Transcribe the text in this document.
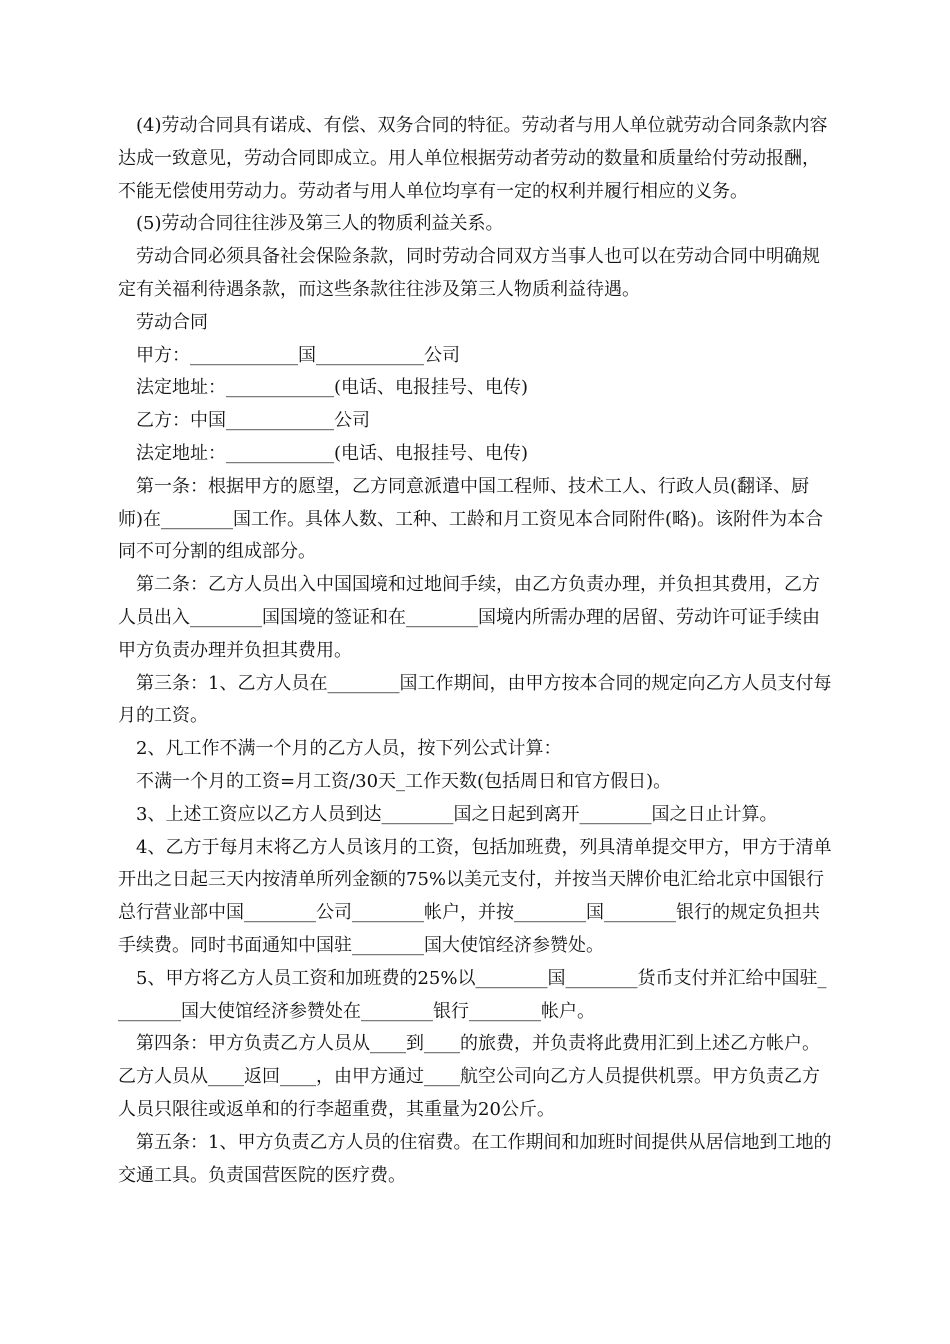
(4)劳动合同具有诺成、有偿、双务合同的特征。劳动者与用人单位就劳动合同条款内容达成一致意见，劳动合同即成立。用人单位根据劳动者劳动的数量和质量给付劳动报酬，不能无偿使用劳动力。劳动者与用人单位均享有一定的权利并履行相应的义务。

(5)劳动合同往往涉及第三人的物质利益关系。

劳动合同必须具备社会保险条款，同时劳动合同双方当事人也可以在劳动合同中明确规定有关福利待遇条款，而这些条款往往涉及第三人物质利益待遇。

劳动合同

甲方：____________国____________公司

法定地址：____________(电话、电报挂号、电传)

乙方：中国____________公司

法定地址：____________(电话、电报挂号、电传)

第一条：根据甲方的愿望，乙方同意派遣中国工程师、技术工人、行政人员(翻译、厨师)在________国工作。具体人数、工种、工龄和月工资见本合同附件(略)。该附件为本合同不可分割的组成部分。

第二条：乙方人员出入中国国境和过地间手续，由乙方负责办理，并负担其费用，乙方人员出入________国国境的签证和在________国境内所需办理的居留、劳动许可证手续由甲方负责办理并负担其费用。

第三条：1、乙方人员在________国工作期间，由甲方按本合同的规定向乙方人员支付每月的工资。

2、凡工作不满一个月的乙方人员，按下列公式计算：

不满一个月的工资=月工资/30天_工作天数(包括周日和官方假日)。

3、上述工资应以乙方人员到达________国之日起到离开________国之日止计算。

4、乙方于每月末将乙方人员该月的工资，包括加班费，列具清单提交甲方，甲方于清单开出之日起三天内按清单所列金额的75%以美元支付，并按当天牌价电汇给北京中国银行总行营业部中国________公司________帐户，并按________国________银行的规定负担共手续费。同时书面通知中国驻________国大使馆经济参赞处。

5、甲方将乙方人员工资和加班费的25%以________国________货币支付并汇给中国驻________国大使馆经济参赞处在________银行________帐户。

第四条：甲方负责乙方人员从____到____的旅费，并负责将此费用汇到上述乙方帐户。乙方人员从____返回____，由甲方通过____航空公司向乙方人员提供机票。甲方负责乙方人员只限往或返单和的行李超重费，其重量为20公斤。

第五条：1、甲方负责乙方人员的住宿费。在工作期间和加班时间提供从居信地到工地的交通工具。负责国营医院的医疗费。
